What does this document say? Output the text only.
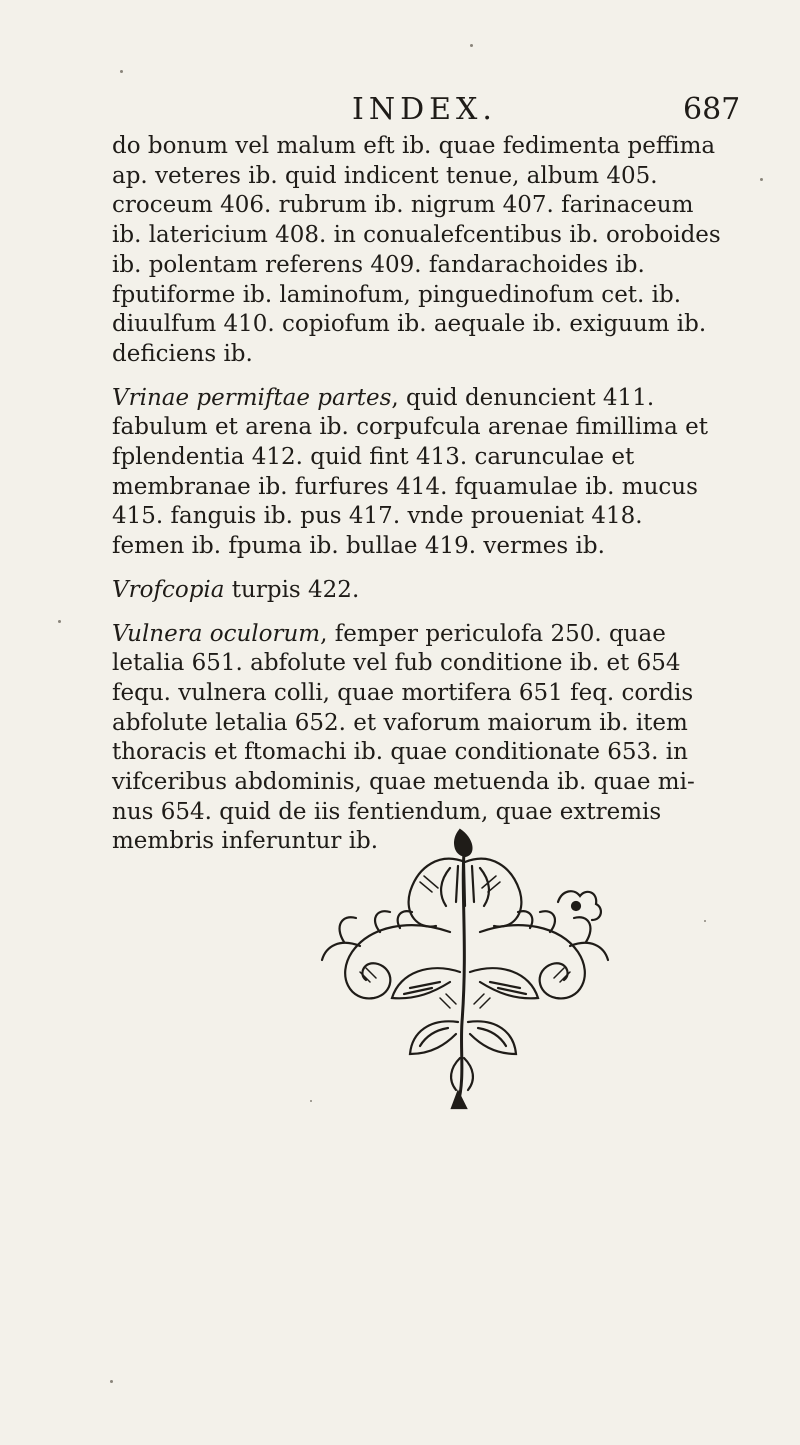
INDEX.	687

do bonum vel malum eft ib. quae fedimenta peffima ap. veteres ib. quid indicent tenue, album 405. croceum 406. rubrum ib. nigrum 407. farinaceum ib. latericium 408. in conualefcentibus ib. oroboides ib. polentam referens 409. fandarachoides ib. fputiforme ib. laminofum, pinguedinofum cet. ib. diuulfum 410. copiofum ib. aequale ib. exiguum ib. deficiens ib.

Vrinae permiftae partes, quid denuncient 411. fabulum et arena ib. corpufcula arenae fimillima et fplendentia 412. quid fint 413. carunculae et membranae ib. furfures 414. fquamulae ib. mucus 415. fanguis ib. pus 417. vnde proueniat 418. femen ib. fpuma ib. bullae 419. vermes ib.

Vrofcopia turpis 422.

Vulnera oculorum, femper periculofa 250. quae letalia 651. abfolute vel fub conditione ib. et 654 fequ. vulnera colli, quae mortifera 651 feq. cordis abfolute letalia 652. et vaforum maiorum ib. item thoracis et ftomachi ib. quae conditionate 653. in vifceribus abdominis, quae metuenda ib. quae minus 654. quid de iis fentiendum, quae extremis membris inferuntur ib.
